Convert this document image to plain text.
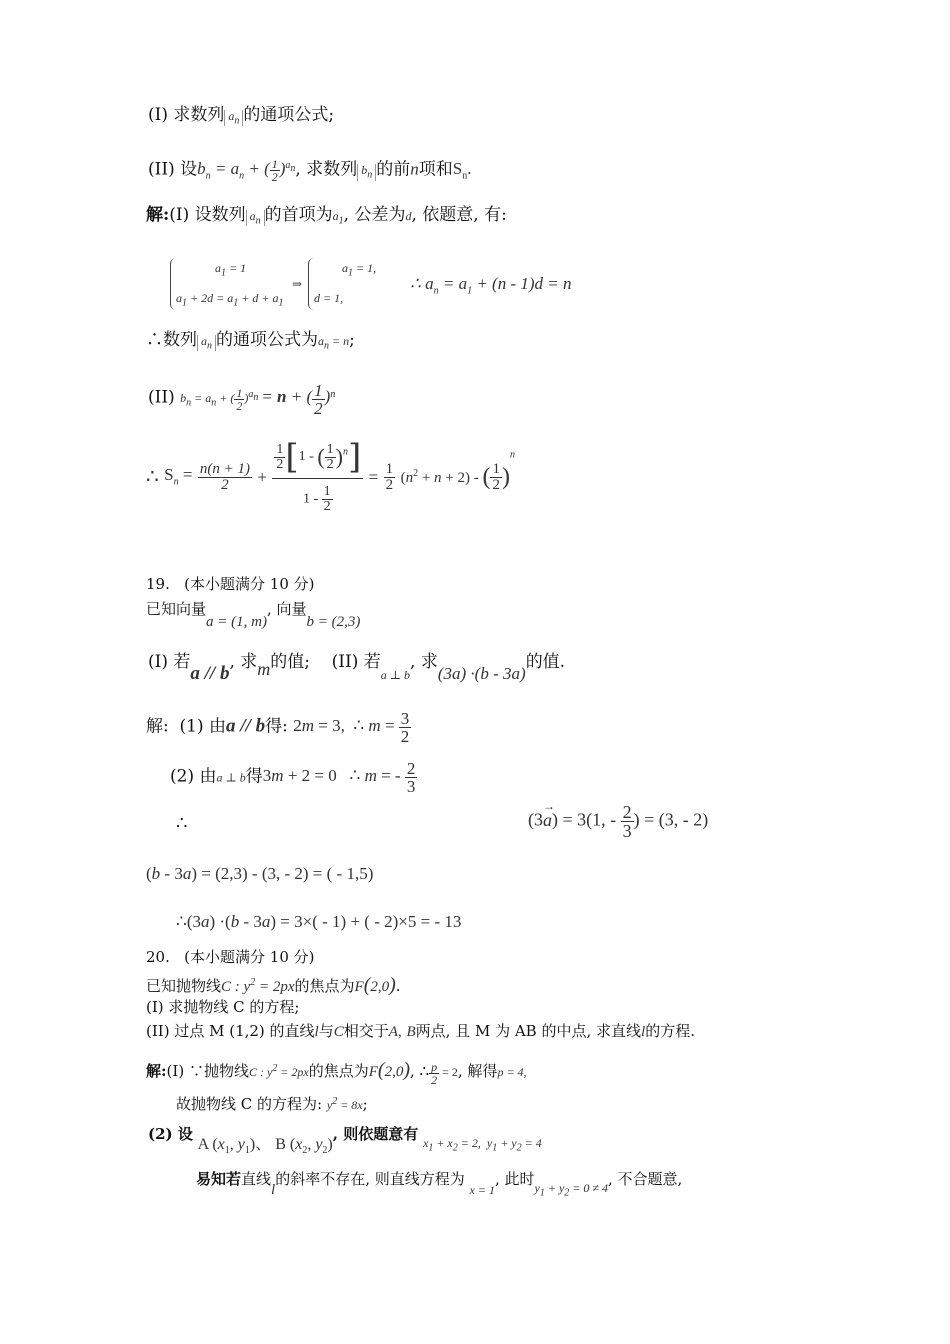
(I) 求数列 $a_n$ 的通项公式;
(II) 设$b_n = a_n$ + ( $\frac{1}{2} )^{a_n}$, 求数列 $b_n$ 的前n项和$S_n$.
解:(I) 设数列 $a_n$ 的首项为$a_1$, 公差为d, 依题意, 有:
$a_1 = 1$
$a_1 + 2d = a_1 + d + a_1$
⇒
$a_1 = 1$,
d = 1,
∴ $a_n = a_1 + (n - 1)d = n$
∴数列 $a_n$ 的通项公式为$a_n = n$;
(II) $b_n = a_n$ + ( $\frac{1}{2} )^{a_n} = n$ + ( $\frac{1}{2} )^n$
∴ $S_n = \frac{n(n + 1)}{2} + \frac{\frac{1}{2} [1 - ( \frac{1}{2} )^n]}{1 - \frac{1}{2}} = \frac{1}{2} (n^2 + n + 2)$ - ( $\frac{1}{2} )^n$
19. (本小题满分 10 分)
已知向量a = (1, m), 向量b = (2,3)
(I) 若a // b, 求m的值; (II) 若$_{a \perp b}$, 求(3a) ·(b - 3a)的值.
解: (1) 由a // b得: 2m = 3,  ∴ $m = \frac{3}{2}$
(2) 由a ⊥ b得3m + 2 = 0   ∴ m = - $\frac{2}{3}$
∴	(3a
→
) = 3(1, - $\frac{2}{3}$ ) = (3, - 2)
(b - 3a) = (2,3) - (3, - 2) = ( - 1,5)
∴(3a) ·(b - 3a) = 3×( - 1) + ( - 2)×5 = - 13
20. (本小题满分 10 分)
已知抛物线C : $y^2 = 2px$的焦点为F(2,0).
(I) 求抛物线 C 的方程;
(II) 过点 M (1,2) 的直线l与C相交于A, B两点, 且 M 为 AB 的中点, 求直线l的方程.
解:(I) ∵抛物线C : $y^2 = 2px$的焦点为F(2,0), ∴ $\frac{p}{2} = 2$, 解得p = 4,
故抛物线 C 的方程为: $y^2 = 8x$;
(2) 设 A ($x_1$, $y_1$)、 B ($x_2$, $y_2$), 则依题意有 $_{x_1 + x_2 = 2, y_1 + y_2 = 4}$
易知若直线l的斜率不存在, 则直线方程为 $_{x = 1}$, 此时$_{y_1 + y_2 = 0 \ne 4}$, 不合题意,
